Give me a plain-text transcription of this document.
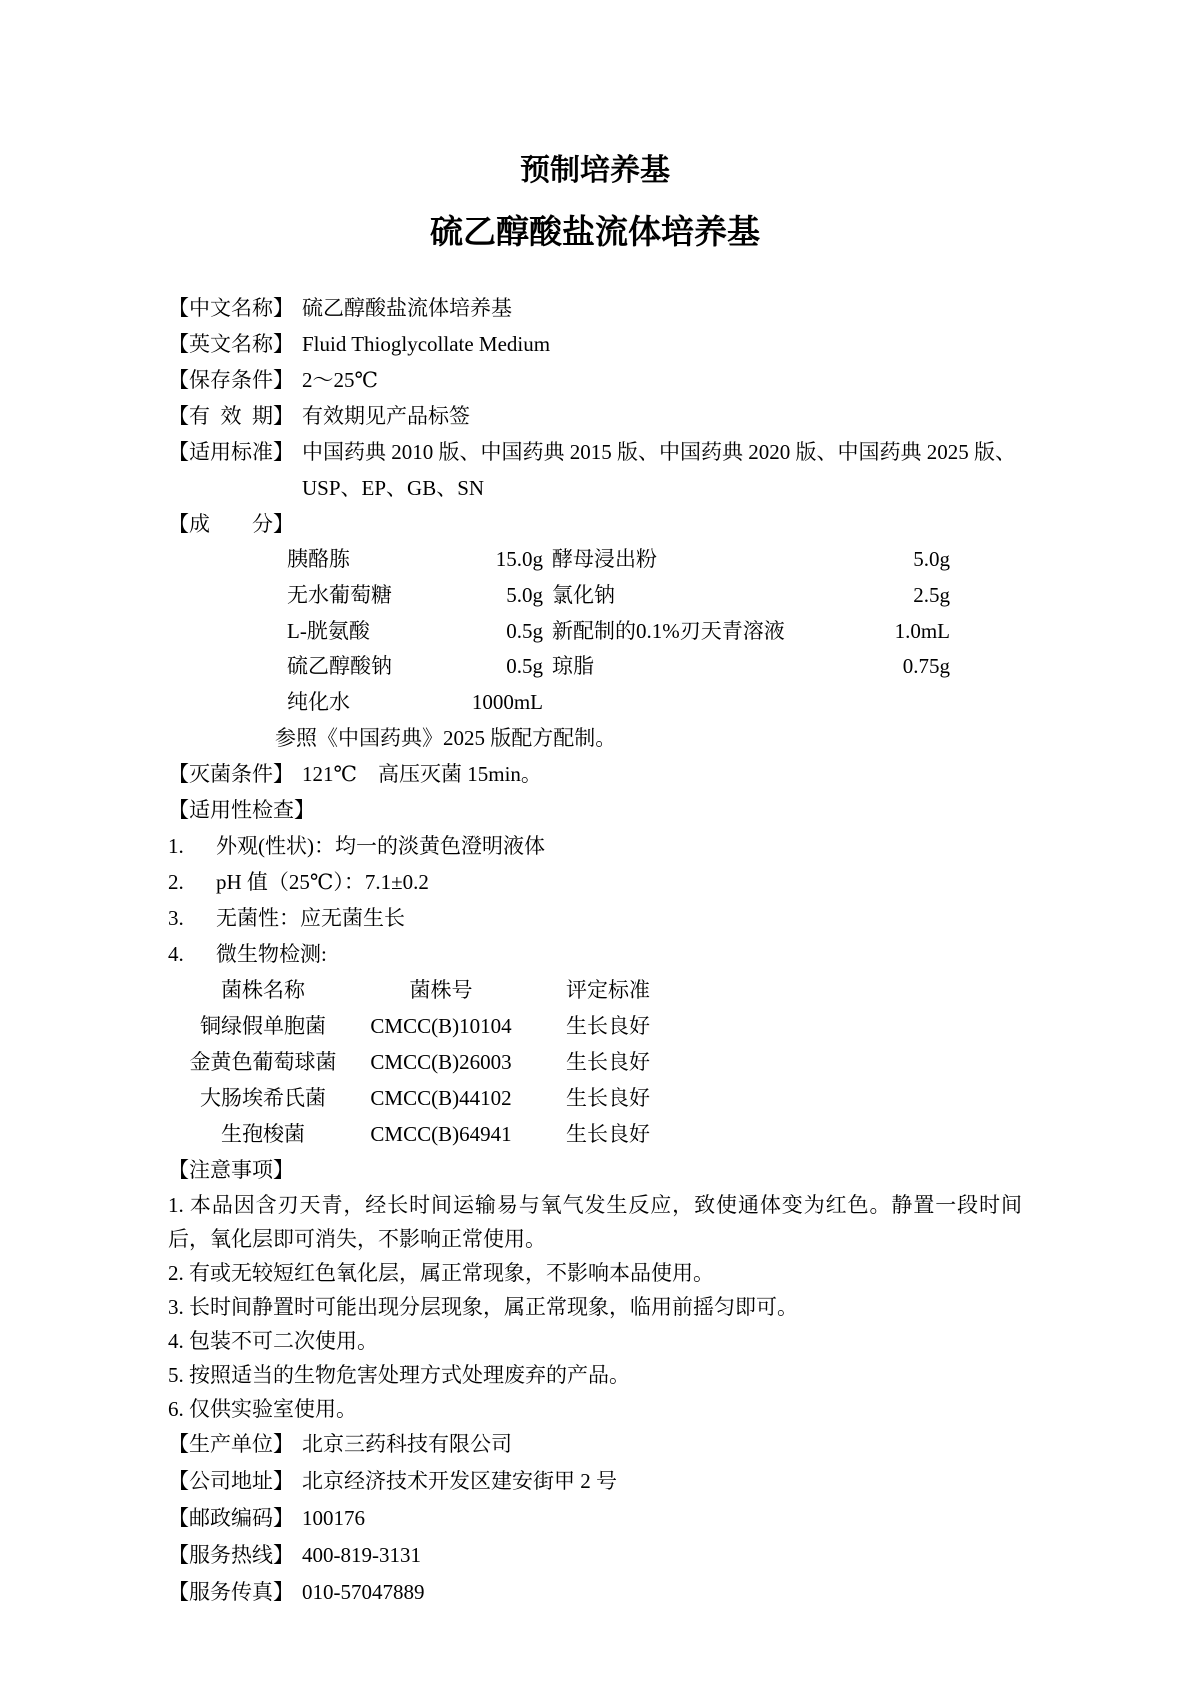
预制培养基
硫乙醇酸盐流体培养基
【中文名称】 硫乙醇酸盐流体培养基
【英文名称】 Fluid Thioglycollate Medium
【保存条件】 2～25℃
【有 效 期】 有效期见产品标签
【适用标准】 中国药典 2010 版、中国药典 2015 版、中国药典 2020 版、中国药典 2025 版、
USP、EP、GB、SN
【成　　分】
胰酪胨	15.0g 酵母浸出粉	5.0g
无水葡萄糖	5.0g 氯化钠	2.5g
L-胱氨酸	0.5g 新配制的0.1%刃天青溶液	1.0mL
硫乙醇酸钠	0.5g 琼脂	0.75g
纯化水	1000mL
参照《中国药典》2025 版配方配制。
【灭菌条件】 121℃ 高压灭菌 15min。
【适用性检查】
1.	外观(性状)：均一的淡黄色澄明液体
2.	pH 值（25℃）：7.1±0.2
3.	无菌性：应无菌生长
4.	微生物检测:
菌株名称	菌株号	评定标准
铜绿假单胞菌	CMCC(B)10104	生长良好
金黄色葡萄球菌	CMCC(B)26003	生长良好
大肠埃希氏菌	CMCC(B)44102	生长良好
生孢梭菌	CMCC(B)64941	生长良好
【注意事项】
1. 本品因含刃天青，经长时间运输易与氧气发生反应，致使通体变为红色。静置一段时间后，氧化层即可消失，不影响正常使用。
2. 有或无较短红色氧化层，属正常现象，不影响本品使用。
3. 长时间静置时可能出现分层现象，属正常现象，临用前摇匀即可。
4. 包装不可二次使用。
5. 按照适当的生物危害处理方式处理废弃的产品。
6. 仅供实验室使用。
【生产单位】 北京三药科技有限公司
【公司地址】 北京经济技术开发区建安街甲 2 号
【邮政编码】 100176
【服务热线】 400-819-3131
【服务传真】 010-57047889
